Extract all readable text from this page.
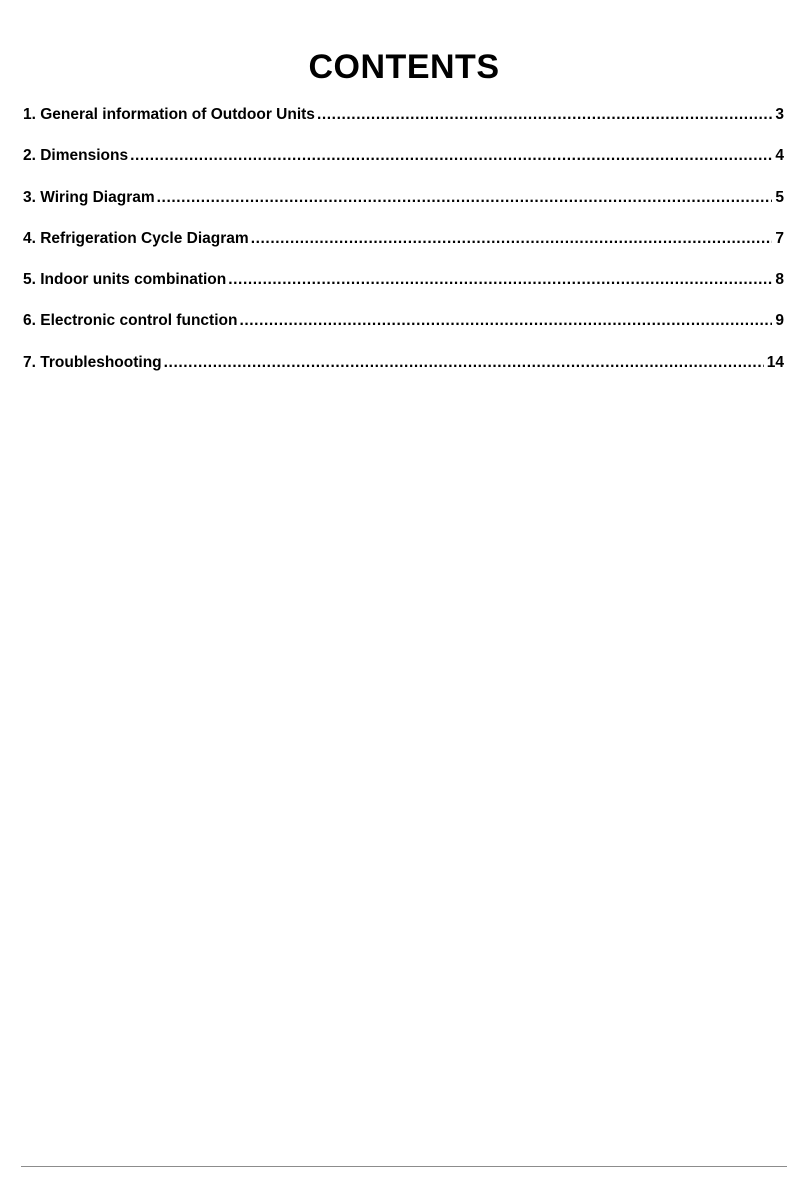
CONTENTS
1. General information of Outdoor Units .....	3
2. Dimensions .....	4
3. Wiring Diagram .....	5
4. Refrigeration Cycle Diagram .....	7
5. Indoor units combination .....	8
6. Electronic control function .....	9
7. Troubleshooting .....	14
